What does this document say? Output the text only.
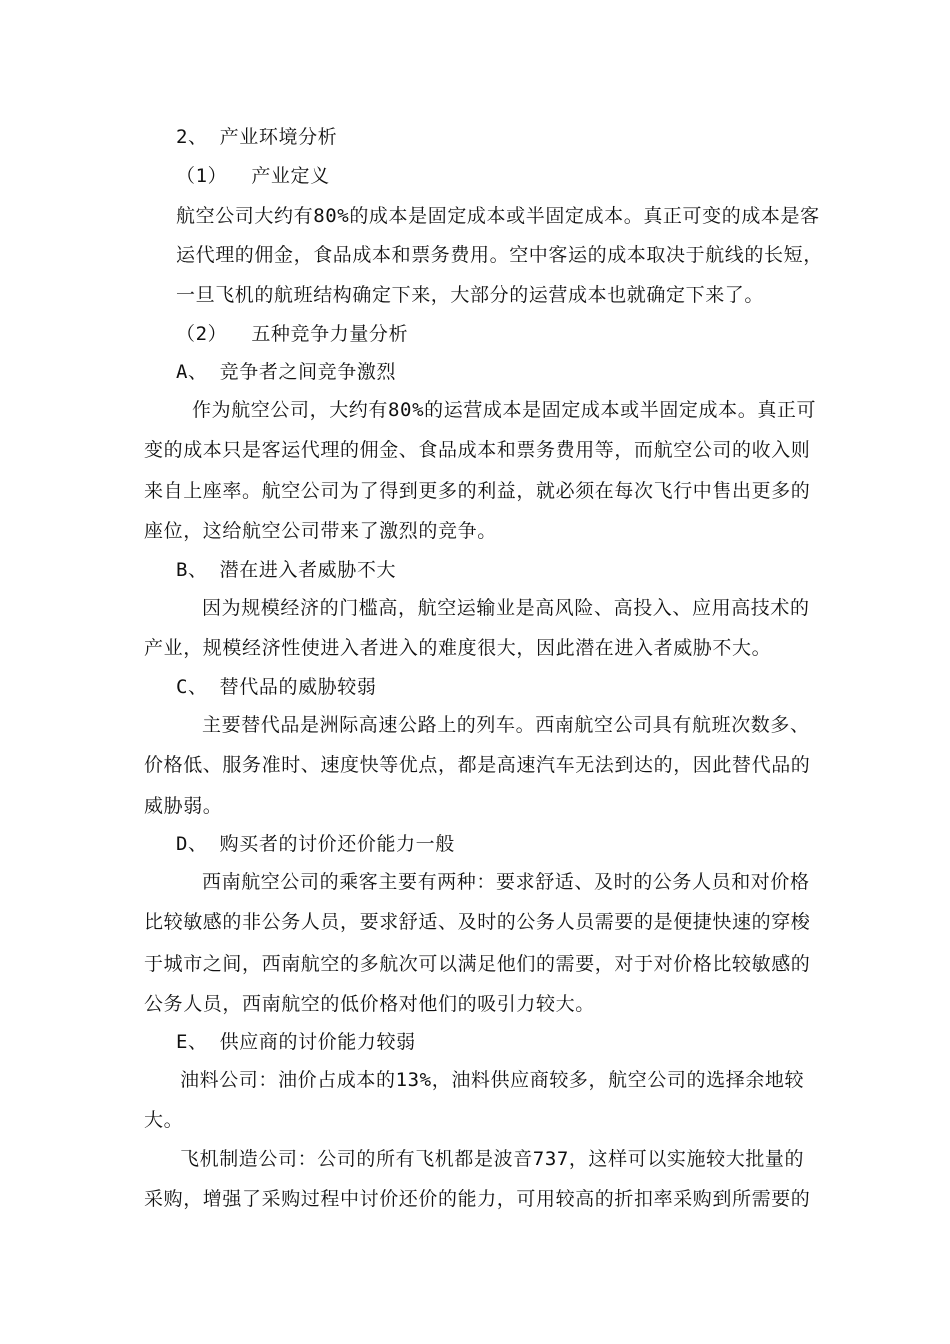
2、 产业环境分析
（1）  产业定义
航空公司大约有80%的成本是固定成本或半固定成本。真正可变的成本是客
运代理的佣金，食品成本和票务费用。空中客运的成本取决于航线的长短，
一旦飞机的航班结构确定下来，大部分的运营成本也就确定下来了。
（2）  五种竞争力量分析
A、 竞争者之间竞争激烈
作为航空公司，大约有80%的运营成本是固定成本或半固定成本。真正可
变的成本只是客运代理的佣金、食品成本和票务费用等，而航空公司的收入则
来自上座率。航空公司为了得到更多的利益，就必须在每次飞行中售出更多的
座位，这给航空公司带来了激烈的竞争。
B、 潜在进入者威胁不大
因为规模经济的门槛高，航空运输业是高风险、高投入、应用高技术的
产业，规模经济性使进入者进入的难度很大，因此潜在进入者威胁不大。
C、 替代品的威胁较弱
主要替代品是洲际高速公路上的列车。西南航空公司具有航班次数多、
价格低、服务准时、速度快等优点，都是高速汽车无法到达的，因此替代品的
威胁弱。
D、 购买者的讨价还价能力一般
西南航空公司的乘客主要有两种：要求舒适、及时的公务人员和对价格
比较敏感的非公务人员，要求舒适、及时的公务人员需要的是便捷快速的穿梭
于城市之间，西南航空的多航次可以满足他们的需要，对于对价格比较敏感的
公务人员，西南航空的低价格对他们的吸引力较大。
E、 供应商的讨价能力较弱
油料公司：油价占成本的13%，油料供应商较多，航空公司的选择余地较
大。
飞机制造公司：公司的所有飞机都是波音737，这样可以实施较大批量的
采购，增强了采购过程中讨价还价的能力，可用较高的折扣率采购到所需要的
